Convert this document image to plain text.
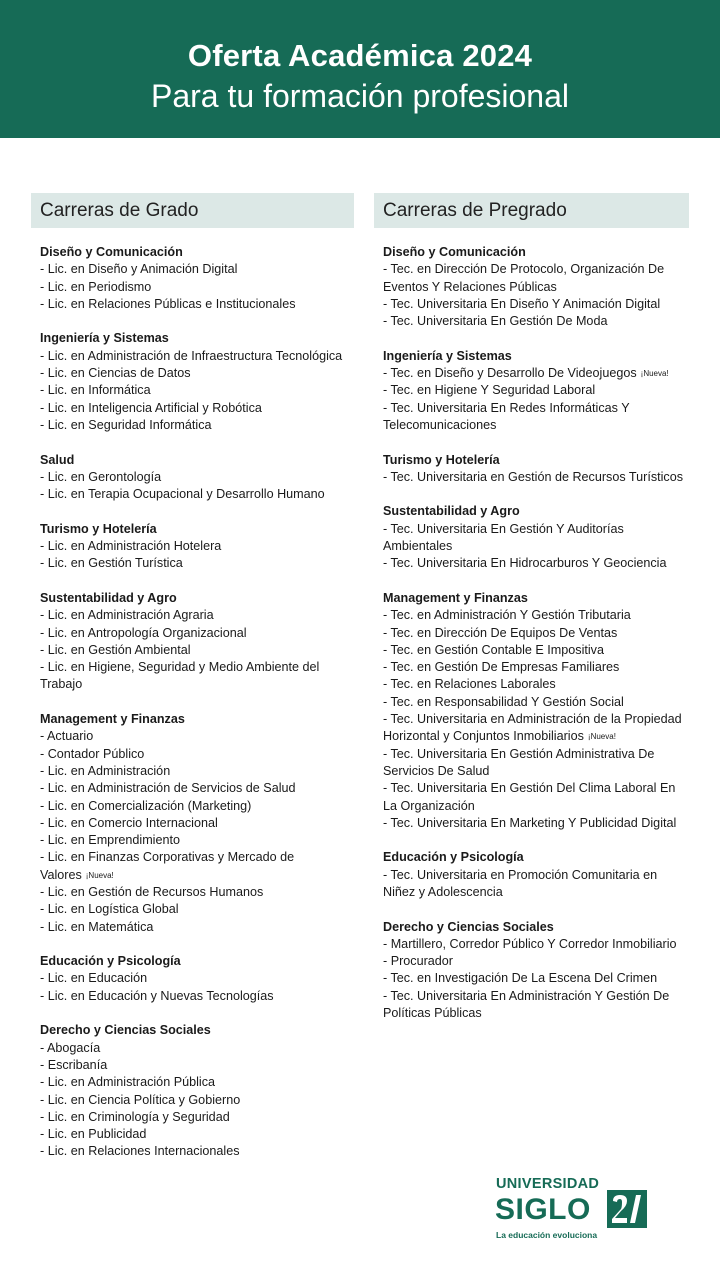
Oferta Académica 2024
Para tu formación profesional
Carreras de Grado
Diseño y Comunicación
- Lic. en Diseño y Animación Digital
- Lic. en Periodismo
- Lic. en Relaciones Públicas e Institucionales
Ingeniería y Sistemas
- Lic. en Administración de Infraestructura Tecnológica
- Lic. en Ciencias de Datos
- Lic. en Informática
- Lic. en Inteligencia Artificial y Robótica
- Lic. en Seguridad Informática
Salud
- Lic. en Gerontología
- Lic. en Terapia Ocupacional y Desarrollo Humano
Turismo y Hotelería
- Lic. en Administración Hotelera
- Lic. en Gestión Turística
Sustentabilidad y Agro
- Lic. en Administración Agraria
- Lic. en Antropología Organizacional
- Lic. en Gestión Ambiental
- Lic. en Higiene, Seguridad y Medio Ambiente del Trabajo
Management y Finanzas
- Actuario
- Contador Público
- Lic. en Administración
- Lic. en Administración de Servicios de Salud
- Lic. en Comercialización (Marketing)
- Lic. en Comercio Internacional
- Lic. en Emprendimiento
- Lic. en Finanzas Corporativas y Mercado de Valores ¡Nueva!
- Lic. en Gestión de Recursos Humanos
- Lic. en Logística Global
- Lic. en Matemática
Educación y Psicología
- Lic. en Educación
- Lic. en Educación y Nuevas Tecnologías
Derecho y Ciencias Sociales
- Abogacía
- Escribanía
- Lic. en Administración Pública
- Lic. en Ciencia Política y Gobierno
- Lic. en Criminología y Seguridad
- Lic. en Publicidad
- Lic. en Relaciones Internacionales
Carreras de Pregrado
Diseño y Comunicación
- Tec. en Dirección De Protocolo, Organización De Eventos Y Relaciones Públicas
- Tec. Universitaria En Diseño Y Animación Digital
- Tec. Universitaria En Gestión De Moda
Ingeniería y Sistemas
- Tec. en Diseño y Desarrollo De Videojuegos ¡Nueva!
- Tec. en Higiene Y Seguridad Laboral
- Tec. Universitaria En Redes Informáticas Y Telecomunicaciones
Turismo y Hotelería
- Tec. Universitaria en Gestión de Recursos Turísticos
Sustentabilidad y Agro
- Tec. Universitaria En Gestión Y Auditorías Ambientales
- Tec. Universitaria En Hidrocarburos Y Geociencia
Management y Finanzas
- Tec. en Administración Y Gestión Tributaria
- Tec. en Dirección De Equipos De Ventas
- Tec. en Gestión Contable E Impositiva
- Tec. en Gestión De Empresas Familiares
- Tec. en Relaciones Laborales
- Tec. en Responsabilidad Y Gestión Social
- Tec. Universitaria en Administración de la Propiedad Horizontal y Conjuntos Inmobiliarios ¡Nueva!
- Tec. Universitaria En Gestión Administrativa De Servicios De Salud
- Tec. Universitaria En Gestión Del Clima Laboral En La Organización
- Tec. Universitaria En Marketing Y Publicidad Digital
Educación y Psicología
- Tec. Universitaria en Promoción Comunitaria en Niñez y Adolescencia
Derecho y Ciencias Sociales
- Martillero, Corredor Público Y Corredor Inmobiliario
- Procurador
- Tec. en Investigación De La Escena Del Crimen
- Tec. Universitaria En Administración Y Gestión De Políticas Públicas
UNIVERSIDAD
SIGLO
La educación evoluciona
